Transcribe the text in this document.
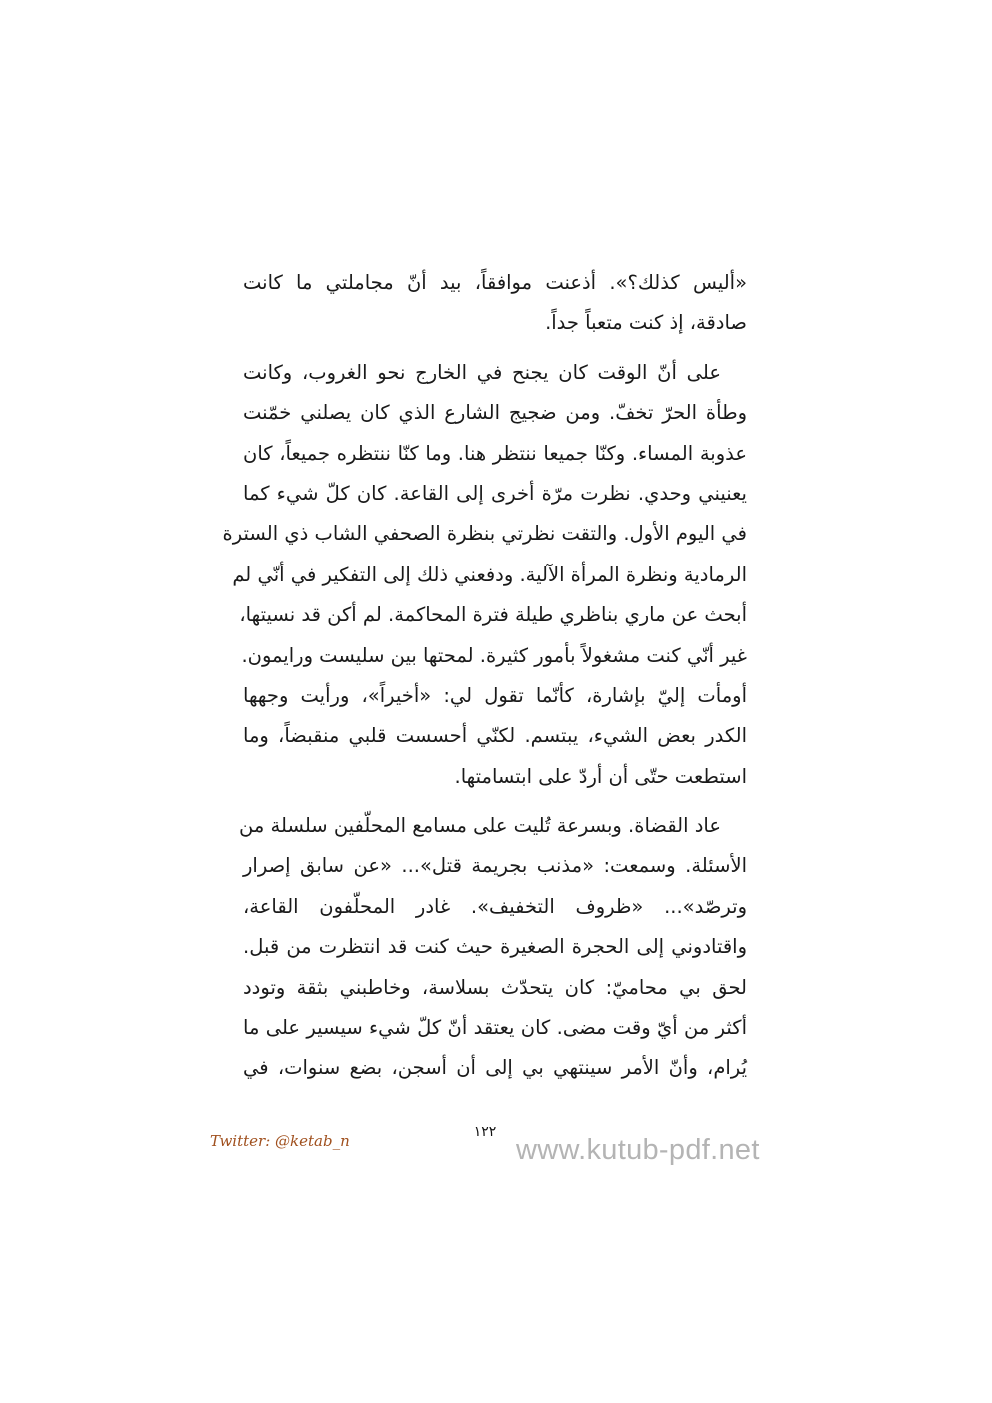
«أليس كذلك؟». أذعنت موافقاً، بيد أنّ مجاملتي ما كانت
صادقة، إذ كنت متعباً جداً.
على أنّ الوقت كان يجنح في الخارج نحو الغروب، وكانت
وطأة الحرّ تخفّ. ومن ضجيج الشارع الذي كان يصلني خمّنت
عذوبة المساء. وكنّا جميعا ننتظر هنا. وما كنّا ننتظره جميعاً، كان
يعنيني وحدي. نظرت مرّة أخرى إلى القاعة. كان كلّ شيء كما
في اليوم الأول. والتقت نظرتي بنظرة الصحفي الشاب ذي السترة
الرمادية ونظرة المرأة الآلية. ودفعني ذلك إلى التفكير في أنّي لم
أبحث عن ماري بناظري طيلة فترة المحاكمة. لم أكن قد نسيتها،
غير أنّي كنت مشغولاً بأمور كثيرة. لمحتها بين سليست ورايمون.
أومأت إليّ بإشارة، كأنّما تقول لي: «أخيراً»، ورأيت وجهها
الكدر بعض الشيء، يبتسم. لكنّي أحسست قلبي منقبضاً، وما
استطعت حتّى أن أردّ على ابتسامتها.
عاد القضاة. وبسرعة تُليت على مسامع المحلّفين سلسلة من
الأسئلة. وسمعت: «مذنب بجريمة قتل»... «عن سابق إصرار
وترصّد»... «ظروف التخفيف». غادر المحلّفون القاعة،
واقتادوني إلى الحجرة الصغيرة حيث كنت قد انتظرت من قبل.
لحق بي محاميّ: كان يتحدّث بسلاسة، وخاطبني بثقة وتودد
أكثر من أيّ وقت مضى. كان يعتقد أنّ كلّ شيء سيسير على ما
يُرام، وأنّ الأمر سينتهي بي إلى أن أسجن، بضع سنوات، في
Twitter: @ketab_n	١٢٢
www.kutub-pdf.net
